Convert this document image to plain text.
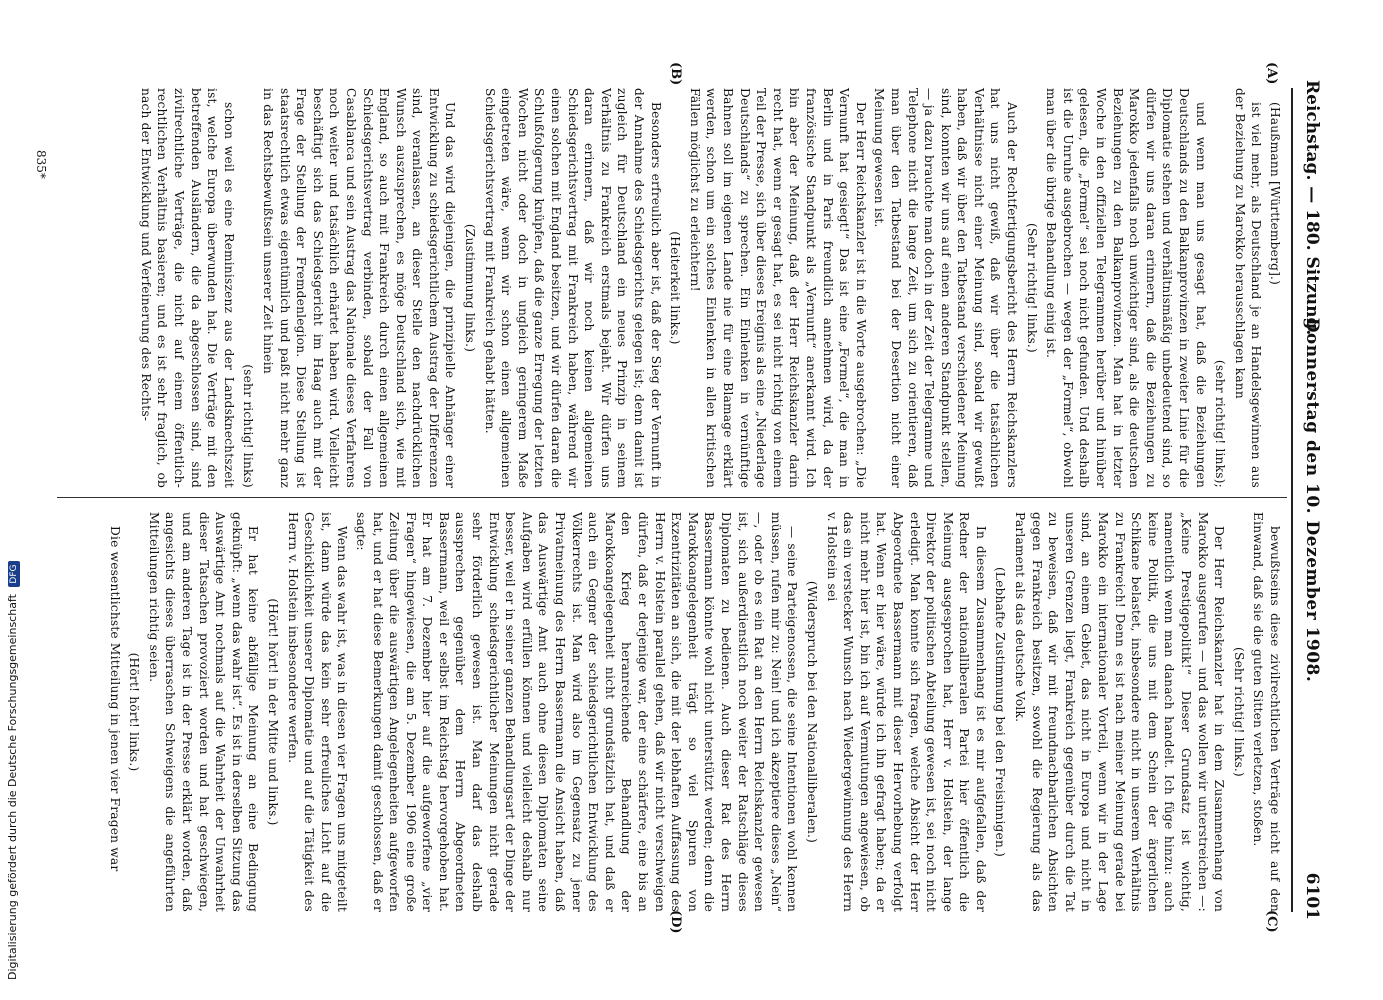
Reichstag. — 180. Sitzung.
Donnerstag den 10. Dezember 1908.
6101
(A)
(B)
(C)
(D)

(Haußmann [Württemberg].)

ist viel mehr, als Deutschland je an Handelsgewinnen aus der Beziehung zu Marokko herausschlagen kann

(sehr richtig! links);

und wenn man uns gesagt hat, daß die Beziehungen Deutschlands zu den Balkanprovinzen in zweiter Linie für die Diplomatie stehen und verhältnismäßig unbedeutend sind, so dürfen wir uns daran erinnern, daß die Beziehungen zu Marokko jedenfalls noch unwichtiger sind, als die deutschen Beziehungen zu den Balkanprovinzen. Man hat in letzter Woche in den offiziellen Telegrammen herüber und hinüber gelesen, die „Formel“ sei noch nicht gefunden. Und deshalb ist die Unruhe ausgebrochen — wegen der „Formel“, obwohl man über die übrige Behandlung einig ist.

(Sehr richtig! links.)

Auch der Rechtfertigungsbericht des Herrn Reichskanzlers hat uns nicht gewiß, daß wir über die tatsächlichen Verhältnisse nicht einer Meinung sind, sobald wir gewußt haben, daß wir über den Tatbestand verschiedener Meinung sind, konnten wir uns auf einen anderen Standpunkt stellen, — ja dazu brauchte man doch in der Zeit der Telegramme und Telephone nicht die lange Zeit, um sich zu orientieren, daß man über den Tatbestand bei der Desertion nicht einer Meinung gewesen ist.

Der Herr Reichskanzler ist in die Worte ausgebrochen: „Die Vernunft hat gesiegt!“ Das ist eine „Formel“, die man in Berlin und in Paris freundlich annehmen wird, da der französische Standpunkt als „Vernunft“ anerkannt wird. Ich bin aber der Meinung, daß der Herr Reichskanzler darin recht hat, wenn er gesagt hat, es sei nicht richtig von einem Teil der Presse, sich über dieses Ereignis als eine „Niederlage Deutschlands“ zu sprechen. Ein Einlenken in vernünftige Bahnen soll im eigenen Lande nie für eine Blamage erklärt werden, schon um ein solches Einlenken in allen kritischen Fällen möglichst zu erleichtern!

(Heiterkeit links.)

Besonders erfreulich aber ist, daß der Sieg der Vernunft in der Annahme des Schiedsgerichts gelegen ist; denn damit ist zugleich für Deutschland ein neues Prinzip in seinem Verhältnis zu Frankreich erstmals bejaht. Wir dürfen uns daran erinnern, daß wir noch keinen allgemeinen Schiedsgerichtsvertrag mit Frankreich haben, während wir einen solchen mit England besitzen, und wir dürfen daran die Schlußfolgerung knüpfen, daß die ganze Erregung der letzten Wochen nicht oder doch in ungleich geringerem Maße eingetreten wäre, wenn wir schon einen allgemeinen Schiedsgerichtsvertrag mit Frankreich gehabt hätten.

(Zustimmung links.)

Und das wird diejenigen, die prinzipielle Anhänger einer Entwicklung zu schiedsgerichtlichem Austrag der Differenzen sind, veranlassen, an dieser Stelle den nachdrücklichen Wunsch auszusprechen, es möge Deutschland sich, wie mit England, so auch mit Frankreich durch einen allgemeinen Schiedsgerichtsvertrag verbinden, sobald der Fall von Casablanca und sein Austrag das Nationale dieses Verfahrens noch weiter und tatsächlich erhärtet haben wird. Vielleicht beschäftigt sich das Schiedsgericht im Haag auch mit der Frage der Stellung der Fremdenlegion. Diese Stellung ist staatsrechtlich etwas eigentümlich und paßt nicht mehr ganz in das Rechtsbewußtsein unserer Zeit hinein

(sehr richtig! links)

schon weil es eine Reminiszenz aus der Landsknechtszeit ist, welche Europa überwunden hat. Die Verträge mit den betreffenden Ausländern, die da abgeschlossen sind, sind zivilrechtliche Verträge, die nicht auf einem öffentlich-rechtlichen Verhältnis basieren; und es ist sehr fraglich, ob nach der Entwicklung und Verfeinerung des Rechts-

bewußtseins diese zivilrechtlichen Verträge nicht auf den Einwand, daß sie die guten Sitten verletzen, stoßen.

(Sehr richtig! links.)

Der Herr Reichskanzler hat in dem Zusammenhang von Marokko ausgerufen — und das wollen wir unterstreichen —: „Keine Prestigepolitik!“ Dieser Grundsatz ist wichtig, namentlich wenn man danach handelt. Ich füge hinzu: auch keine Politik, die uns mit dem Schein der ärgerlichen Schikane belastet, insbesondere nicht in unserem Verhältnis zu Frankreich! Denn es ist nach meiner Meinung gerade bei Marokko ein internationaler Vorteil, wenn wir in der Lage sind, an einem Gebiet, das nicht in Europa und nicht in unseren Grenzen liegt, Frankreich gegenüber durch die Tat zu beweisen, daß wir mit freundnachbarlichen Absichten gegen Frankreich besitzen, sowohl die Regierung als das Parlament als das deutsche Volk.

(Lebhafte Zustimmung bei den Freisinnigen.)

In diesem Zusammenhang ist es mir aufgefallen, daß der Redner der nationalliberalen Partei hier öffentlich die Meinung ausgesprochen hat, Herr v. Holstein, der lange Direktor der politischen Abteilung gewesen ist, sei noch nicht erledigt. Man konnte sich fragen, welche Absicht der Herr Abgeordnete Bassermann mit dieser Hervorhebung verfolgt hat. Wenn er hier wäre, würde ich ihn gefragt haben; da er nicht mehr hier ist, bin ich auf Vermutungen angewiesen, ob das ein verstecker Wunsch nach Wiedergewinnung des Herrn v. Holstein sei

(Widerspruch bei den Nationalliberalen.)

— seine Parteigenossen, die seine Intentionen wohl kennen müssen, rufen mir zu: Nein! und ich akzeptiere dieses „Nein“ —, oder ob es ein Rat an den Herrn Reichskanzler gewesen ist, sich außerdienstlich noch weiter der Ratschläge dieses Diplomaten zu bedienen. Auch dieser Rat des Herrn Bassermann könnte wohl nicht unterstützt werden; denn die Marokkoangelegenheit trägt so viel Spuren von Exzentrizitäten an sich, die mit der lebhaften Auffassung des Herrn v. Holstein parallel gehen, daß wir nicht verschweigen dürfen, daß er derjenige war, der eine schärfere, eine bis an den Krieg heranreichende Behandlung der Marokkoangelegenheit nicht grundsätzlich hat, und daß er auch ein Gegner der schiedsgerichtlichen Entwicklung des Völkerrechts ist. Man wird also im Gegensatz zu jener Privatmeinung des Herrn Bassermann die Ansicht haben, daß das Auswärtige Amt auch ohne diesen Diplomaten seine Aufgaben wird erfüllen können und vielleicht deshalb nur besser, weil er in seiner ganzen Behandlungsart der Dinge der Entwicklung schiedsgerichtlicher Meinungen nicht gerade sehr förderlich gewesen ist. Man darf das deshalb aussprechen gegenüber dem Herrn Abgeordneten Bassermann, weil er selbst im Reichstag hervorgehoben hat. Er hat am 7. Dezember hier auf die aufgeworfene „vier Fragen“ hingewiesen, die am 5. Dezember 1906 eine große Zeitung über die auswärtigen Angelegenheiten aufgeworfen hat, und er hat diese Bemerkungen damit geschlossen, daß er sagte:

Wenn das wahr ist, was in diesen vier Fragen uns mitgeteilt ist, dann würde das kein sehr erfreuliches Licht auf die Geschicklichkeit unserer Diplomatie und auf die Tätigkeit des Herrn v. Holstein insbesondere werfen.

(Hört! hört! in der Mitte und links.)

Er hat keine abfällige Meinung an eine Bedingung geknüpft: „wenn das wahr ist“. Es ist in derselben Sitzung das Auswärtige Amt nochmals auf die Wahrheit der Unwahrheit dieser Tatsachen provoziert worden und hat geschwiegen, und am anderen Tage ist in der Presse erklärt worden, daß angesichts dieses überraschen Schweigens die angeführten Mitteilungen richtig seien.

(Hört! hört! links.)

Die wesentlichste Mitteilung in jenen vier Fragen war

835*
Digitalisierung gefördert durch die Deutsche Forschungsgemeinschaft DFG
